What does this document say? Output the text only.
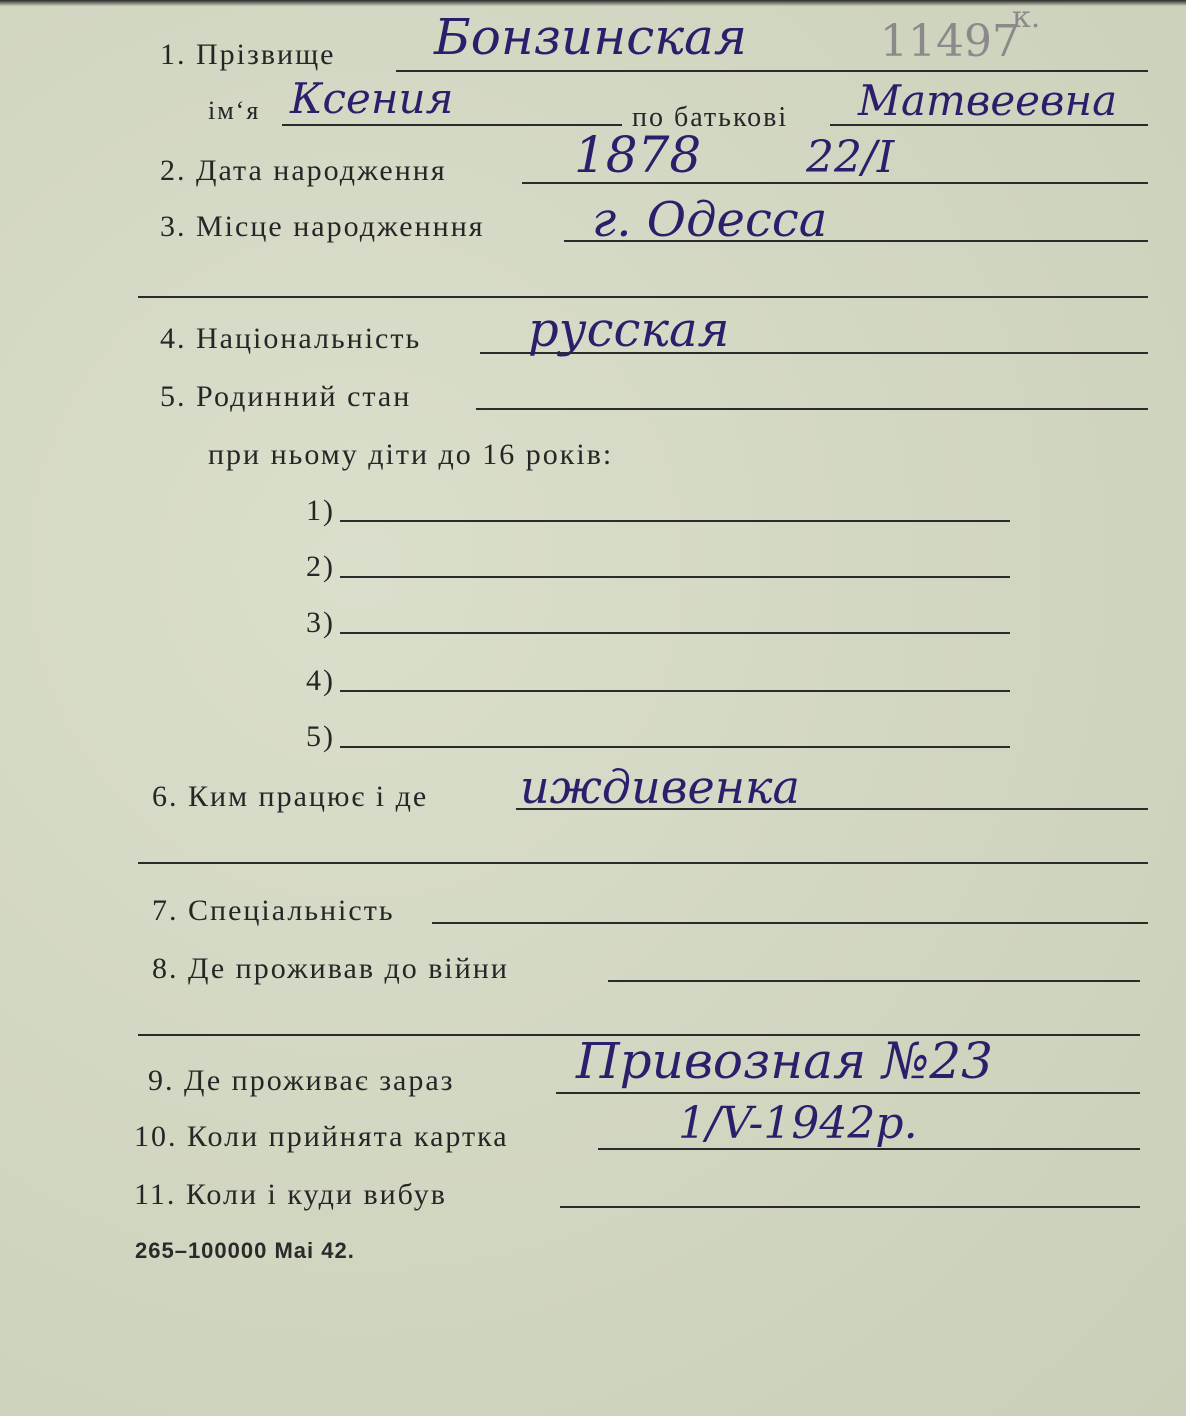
1. Прізвище Бонзинская	11497
к.
ім‘я Ксения	по батькові Матвеевна
2. Дата народження	1878 22/I
3. Місце народженння г. Одесса
4. Національність русская
5. Родинний стан
при ньому діти до 16 років:
1)
2)
3)
4)
5)
6. Ким працює і де иждивенка
7. Спеціальність
8. Де проживав до війни
9. Де проживає зараз Привозная №23
10. Коли прийнята картка	1/V-1942р.
11. Коли і куди вибув
265–100000 Mai 42.
